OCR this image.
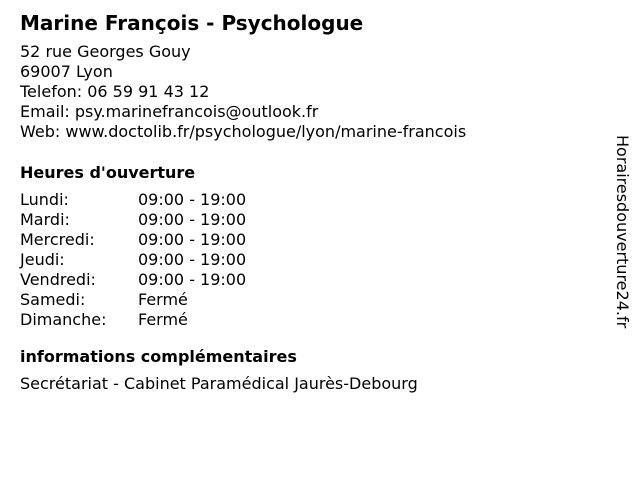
Marine François - Psychologue
52 rue Georges Gouy
69007 Lyon
Telefon: 06 59 91 43 12
Email: psy.marinefrancois@outlook.fr
Web: www.doctolib.fr/psychologue/lyon/marine-francois
Heures d'ouverture
Lundi:	09:00 - 19:00
Mardi:	09:00 - 19:00
Mercredi:	09:00 - 19:00
Jeudi:	09:00 - 19:00
Vendredi:	09:00 - 19:00
Samedi:	Fermé
Dimanche:	Fermé
informations complémentaires
Secrétariat - Cabinet Paramédical Jaurès-Debourg
Horairesdouverture24.fr
